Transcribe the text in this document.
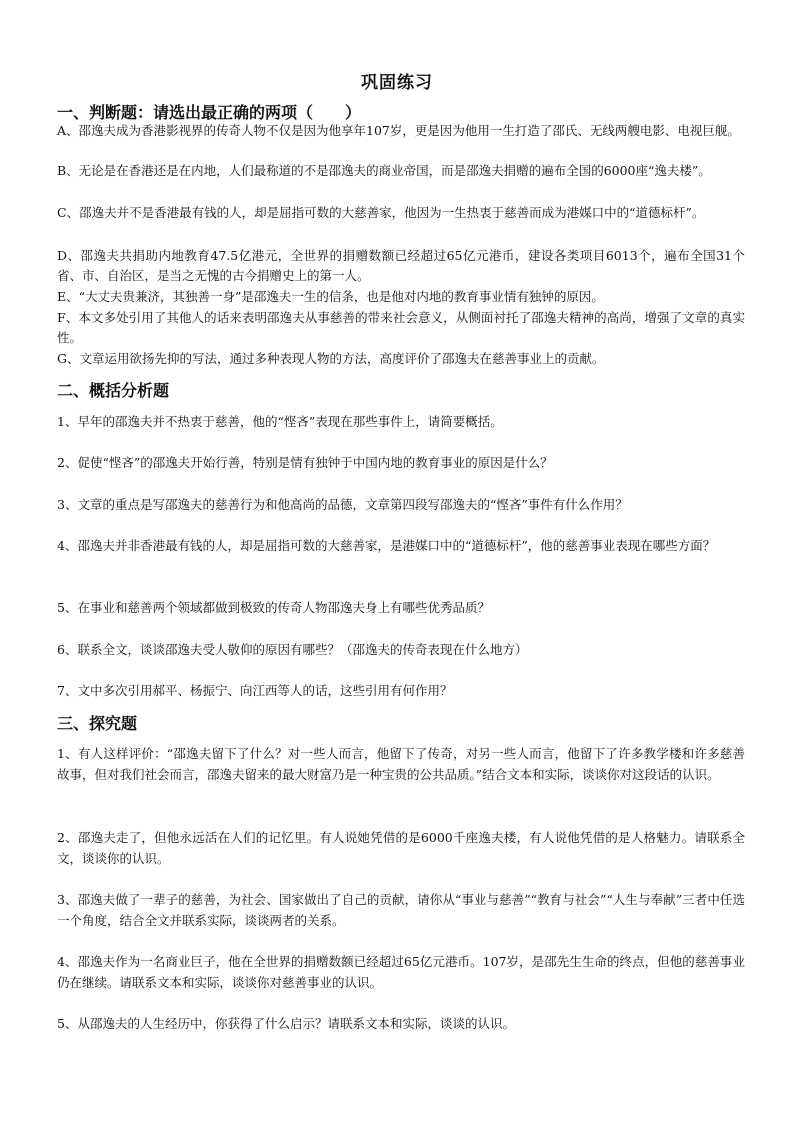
巩固练习
一、判断题：请选出最正确的两项（　　）
A、邵逸夫成为香港影视界的传奇人物不仅是因为他享年107岁，更是因为他用一生打造了邵氏、无线两艘电影、电视巨舰。
B、无论是在香港还是在内地，人们最称道的不是邵逸夫的商业帝国，而是邵逸夫捐赠的遍布全国的6000座“逸夫楼”。
C、邵逸夫并不是香港最有钱的人，却是屈指可数的大慈善家，他因为一生热衷于慈善而成为港媒口中的“道德标杆”。
D、邵逸夫共捐助内地教育47.5亿港元，全世界的捐赠数额已经超过65亿元港币，建设各类项目6013个，遍布全国31个省、市、自治区，是当之无愧的古今捐赠史上的第一人。
E、“大丈夫贵兼济，其独善一身”是邵逸夫一生的信条，也是他对内地的教育事业情有独钟的原因。
F、本文多处引用了其他人的话来表明邵逸夫从事慈善的带来社会意义，从侧面衬托了邵逸夫精神的高尚，增强了文章的真实性。
G、文章运用欲扬先抑的写法，通过多种表现人物的方法，高度评价了邵逸夫在慈善事业上的贡献。
二、概括分析题
1、早年的邵逸夫并不热衷于慈善，他的“悭吝”表现在那些事件上，请简要概括。
2、促使“悭吝”的邵逸夫开始行善，特别是情有独钟于中国内地的教育事业的原因是什么？
3、文章的重点是写邵逸夫的慈善行为和他高尚的品德，文章第四段写邵逸夫的“悭吝”事件有什么作用？
4、邵逸夫并非香港最有钱的人，却是屈指可数的大慈善家，是港媒口中的“道德标杆”，他的慈善事业表现在哪些方面？
5、在事业和慈善两个领域都做到极致的传奇人物邵逸夫身上有哪些优秀品质？
6、联系全文，谈谈邵逸夫受人敬仰的原因有哪些？（邵逸夫的传奇表现在什么地方）
7、文中多次引用郝平、杨振宁、向江西等人的话，这些引用有何作用？
三、探究题
1、有人这样评价：“邵逸夫留下了什么？对一些人而言，他留下了传奇，对另一些人而言，他留下了许多教学楼和许多慈善故事，但对我们社会而言，邵逸夫留来的最大财富乃是一种宝贵的公共品质。”结合文本和实际，谈谈你对这段话的认识。
2、邵逸夫走了，但他永远活在人们的记忆里。有人说她凭借的是6000千座逸夫楼，有人说他凭借的是人格魅力。请联系全文，谈谈你的认识。
3、邵逸夫做了一辈子的慈善，为社会、国家做出了自己的贡献，请你从“事业与慈善”“教育与社会”“人生与奉献”三者中任选一个角度，结合全文并联系实际，谈谈两者的关系。
4、邵逸夫作为一名商业巨子，他在全世界的捐赠数额已经超过65亿元港币。107岁，是邵先生生命的终点，但他的慈善事业仍在继续。请联系文本和实际，谈谈你对慈善事业的认识。
5、从邵逸夫的人生经历中，你获得了什么启示？请联系文本和实际，谈谈的认识。
